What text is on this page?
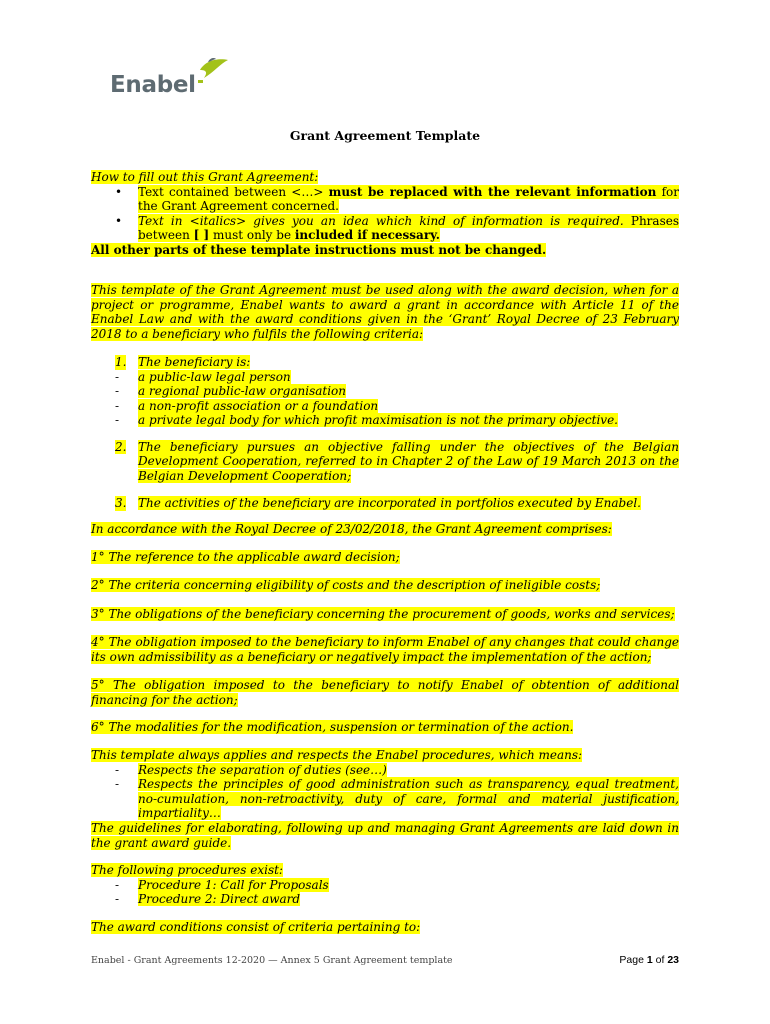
Enabel
Grant Agreement Template
How to fill out this Grant Agreement:
• Text contained between <…> must be replaced with the relevant information for the Grant Agreement concerned.

• Text in <italics> gives you an idea which kind of information is required. Phrases between [ ] must only be included if necessary.

All other parts of these template instructions must not be changed.

This template of the Grant Agreement must be used along with the award decision, when for a project or programme, Enabel wants to award a grant in accordance with Article 11 of the Enabel Law and with the award conditions given in the ‘Grant’ Royal Decree of 23 February 2018 to a beneficiary who fulfils the following criteria:

1. The beneficiary is:

- a public-law legal person

- a regional public-law organisation

- a non-profit association or a foundation

- a private legal body for which profit maximisation is not the primary objective.

2. The beneficiary pursues an objective falling under the objectives of the Belgian Development Cooperation, referred to in Chapter 2 of the Law of 19 March 2013 on the Belgian Development Cooperation;

3. The activities of the beneficiary are incorporated in portfolios executed by Enabel.

In accordance with the Royal Decree of 23/02/2018, the Grant Agreement comprises:

1° The reference to the applicable award decision;

2° The criteria concerning eligibility of costs and the description of ineligible costs;

3° The obligations of the beneficiary concerning the procurement of goods, works and services;

4° The obligation imposed to the beneficiary to inform Enabel of any changes that could change its own admissibility as a beneficiary or negatively impact the implementation of the action;

5° The obligation imposed to the beneficiary to notify Enabel of obtention of additional financing for the action;

6° The modalities for the modification, suspension or termination of the action.

This template always applies and respects the Enabel procedures, which means:
- Respects the separation of duties (see…)

- Respects the principles of good administration such as transparency, equal treatment, no-cumulation, non-retroactivity, duty of care, formal and material justification, impartiality…

The guidelines for elaborating, following up and managing Grant Agreements are laid down in the grant award guide.

The following procedures exist:
- Procedure 1: Call for Proposals

- Procedure 2: Direct award

The award conditions consist of criteria pertaining to:

Enabel - Grant Agreements 12-2020 — Annex 5 Grant Agreement template	Page 1 of 23
